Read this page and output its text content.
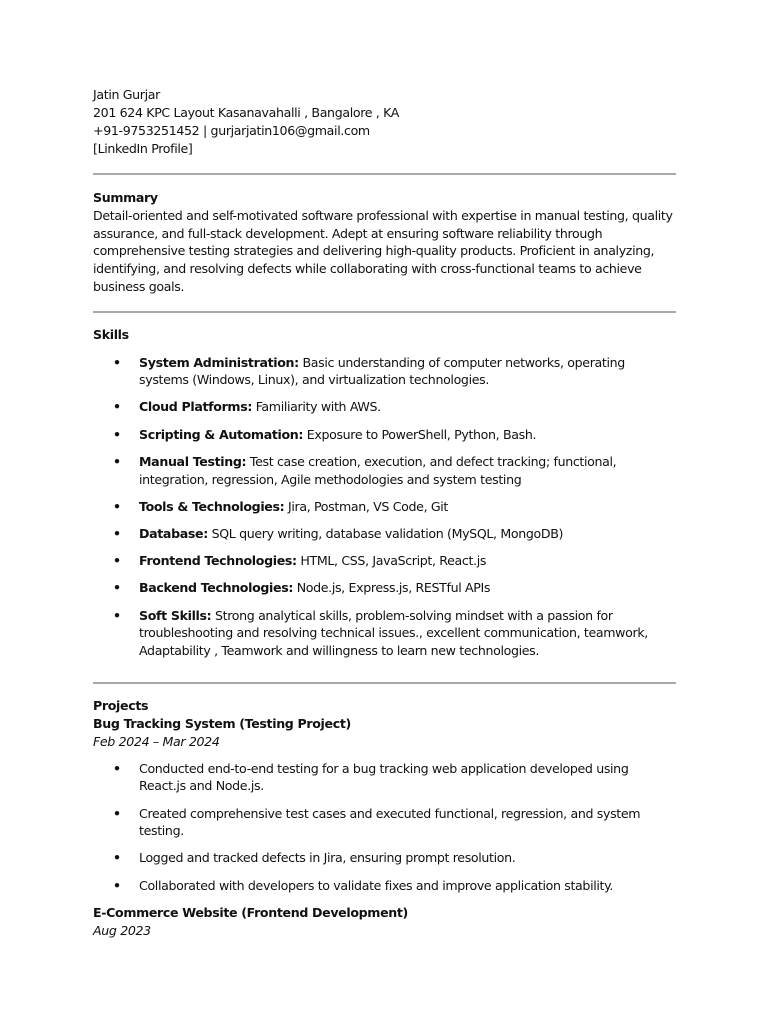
Jatin Gurjar
201 624 KPC Layout Kasanavahalli , Bangalore , KA
+91-9753251452 | gurjarjatin106@gmail.com
[LinkedIn Profile]
Summary
Detail-oriented and self-motivated software professional with expertise in manual testing, quality assurance, and full-stack development. Adept at ensuring software reliability through comprehensive testing strategies and delivering high-quality products. Proficient in analyzing, identifying, and resolving defects while collaborating with cross-functional teams to achieve business goals.
Skills
• System Administration: Basic understanding of computer networks, operating systems (Windows, Linux), and virtualization technologies.
• Cloud Platforms: Familiarity with AWS.
• Scripting & Automation: Exposure to PowerShell, Python, Bash.
• Manual Testing: Test case creation, execution, and defect tracking; functional, integration, regression, Agile methodologies and system testing
• Tools & Technologies: Jira, Postman, VS Code, Git
• Database: SQL query writing, database validation (MySQL, MongoDB)
• Frontend Technologies: HTML, CSS, JavaScript, React.js
• Backend Technologies: Node.js, Express.js, RESTful APIs
• Soft Skills: Strong analytical skills, problem-solving mindset with a passion for troubleshooting and resolving technical issues., excellent communication, teamwork, Adaptability , Teamwork and willingness to learn new technologies.
Projects
Bug Tracking System (Testing Project)
Feb 2024 – Mar 2024
• Conducted end-to-end testing for a bug tracking web application developed using React.js and Node.js.
• Created comprehensive test cases and executed functional, regression, and system testing.
• Logged and tracked defects in Jira, ensuring prompt resolution.
• Collaborated with developers to validate fixes and improve application stability.
E-Commerce Website (Frontend Development)
Aug 2023
